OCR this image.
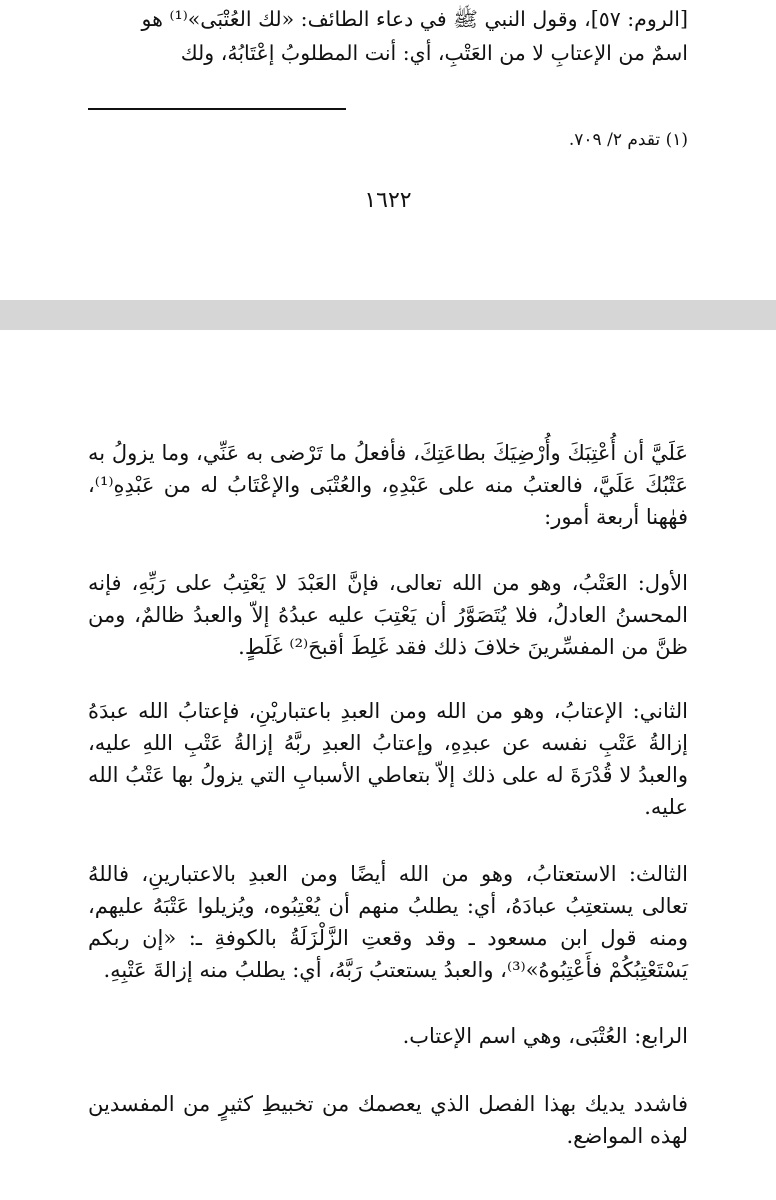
[الروم: ٥٧]، وقول النبي ﷺ في دعاء الطائف: «لك العُتْبَى»⁽¹⁾ هو
اسمٌ من الإعتابِ لا من العَتْبِ، أي: أنت المطلوبُ إعْتَابُهُ، ولك
(١) تقدم ٢/ ٧٠٩.
١٦٢٢
عَلَيَّ أن أُعْتِبَكَ وأُرْضِيَكَ بطاعَتِكَ، فأفعلُ ما تَرْضى به عَنِّي، وما يزولُ به عَتْبُكَ عَلَيَّ، فالعتبُ منه على عَبْدِهِ، والعُتْبَى والإعْتَابُ له من عَبْدِهِ⁽¹⁾، فهٰهنا أربعة أمور:
الأول: العَتْبُ، وهو من الله تعالى، فإنَّ العَبْدَ لا يَعْتِبُ على رَبِّهِ، فإنه المحسنُ العادلُ، فلا يُتَصَوَّرُ أن يَعْتِبَ عليه عبدُهُ إلاّ والعبدُ ظالمٌ، ومن ظنَّ من المفسِّرينَ خلافَ ذلك فقد غَلِطَ أقبحَ⁽²⁾ غَلَطٍ.
الثاني: الإعتابُ، وهو من الله ومن العبدِ باعتباريْنِ، فإعتابُ الله عبدَهُ إزالةُ عَتْبِ نفسه عن عبدِهِ، وإعتابُ العبدِ ربَّهُ إزالةُ عَتْبِ اللهِ عليه، والعبدُ لا قُدْرَةَ له على ذلك إلاّ بتعاطي الأسبابِ التي يزولُ بها عَتْبُ الله عليه.
الثالث: الاستعتابُ، وهو من الله أيضًا ومن العبدِ بالاعتبارينِ، فاللهُ تعالى يستعتِبُ عبادَهُ، أي: يطلبُ منهم أن يُعْتِبُوه، ويُزيلوا عَتْبَهُ عليهم، ومنه قول ابن مسعود ـ وقد وقعتِ الزَّلْزَلَةُ بالكوفةِ ـ: «إن ربكم يَسْتَعْتِبُكُمْ فأَعْتِبُوهُ»⁽³⁾، والعبدُ يستعتبُ رَبَّهُ، أي: يطلبُ منه إزالةَ عَتْبِهِ.
الرابع: العُتْبَى، وهي اسم الإعتاب.
فاشدد يديك بهذا الفصل الذي يعصمك من تخبيطِ كثيرٍ من المفسدين لهذه المواضع.
